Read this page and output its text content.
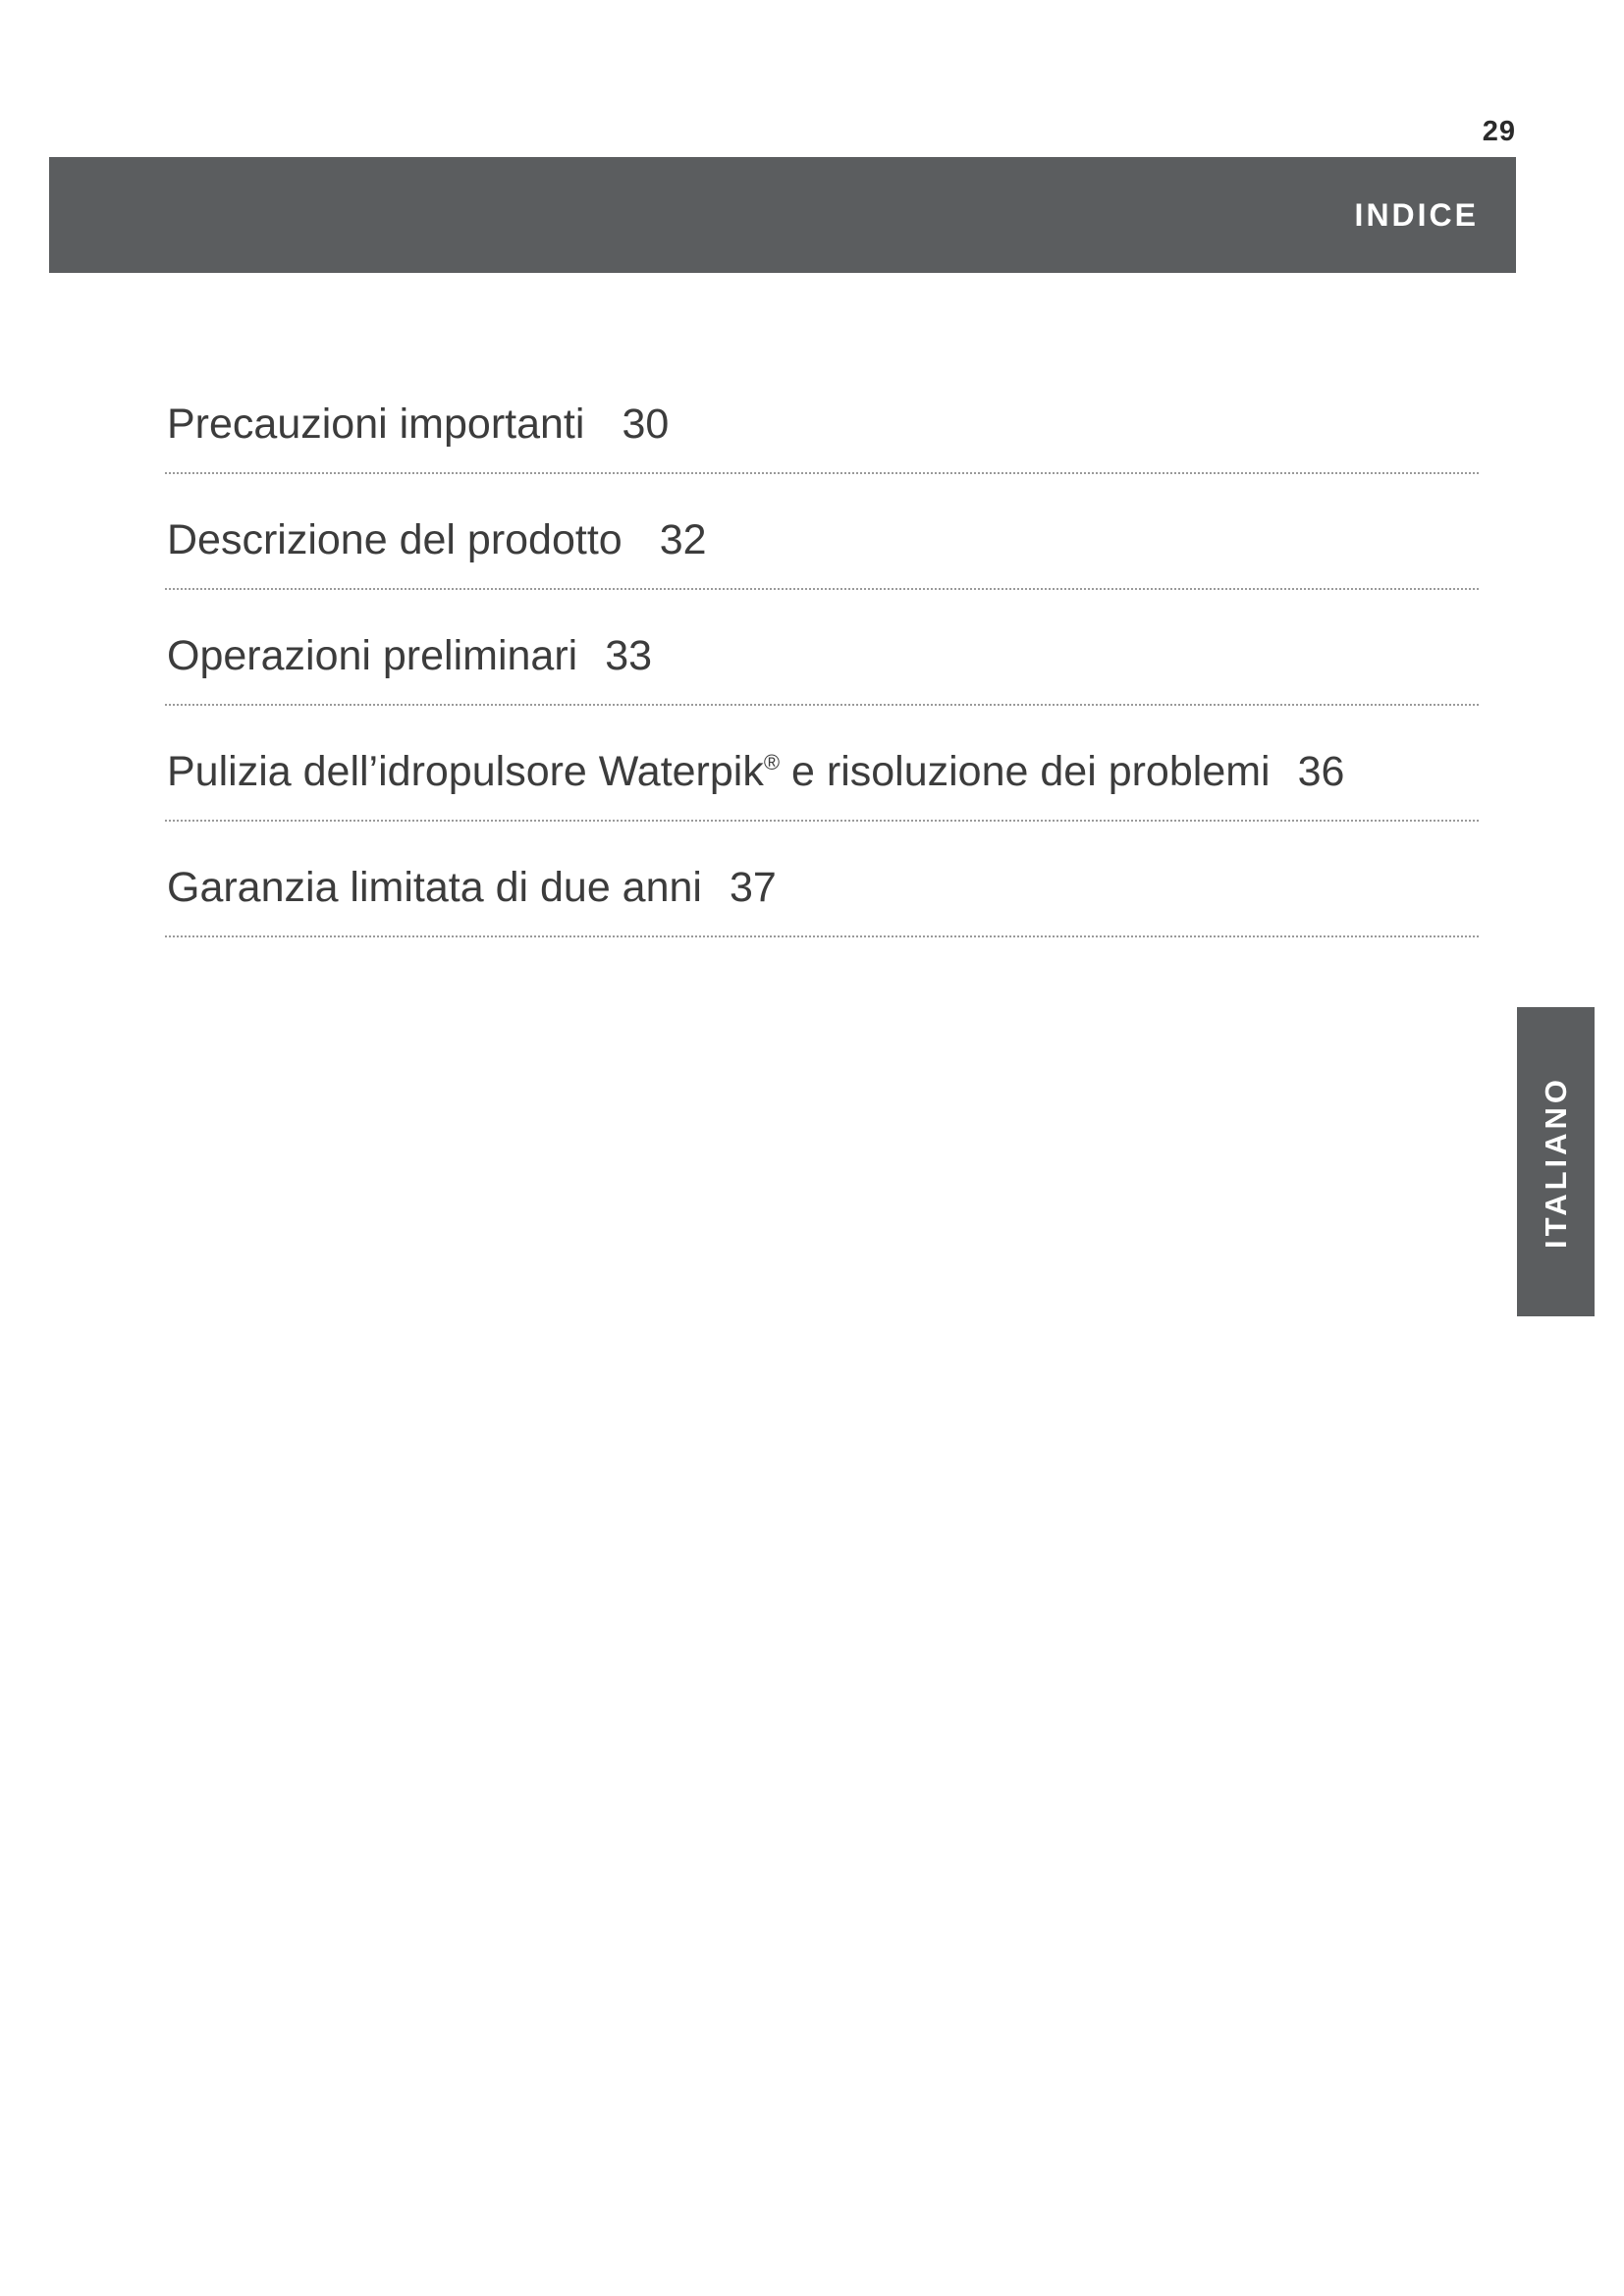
29
INDICE
Precauzioni importanti 30
Descrizione del prodotto 32
Operazioni preliminari 33
Pulizia dell’idropulsore Waterpik® e risoluzione dei problemi 36
Garanzia limitata di due anni 37
ITALIANO
